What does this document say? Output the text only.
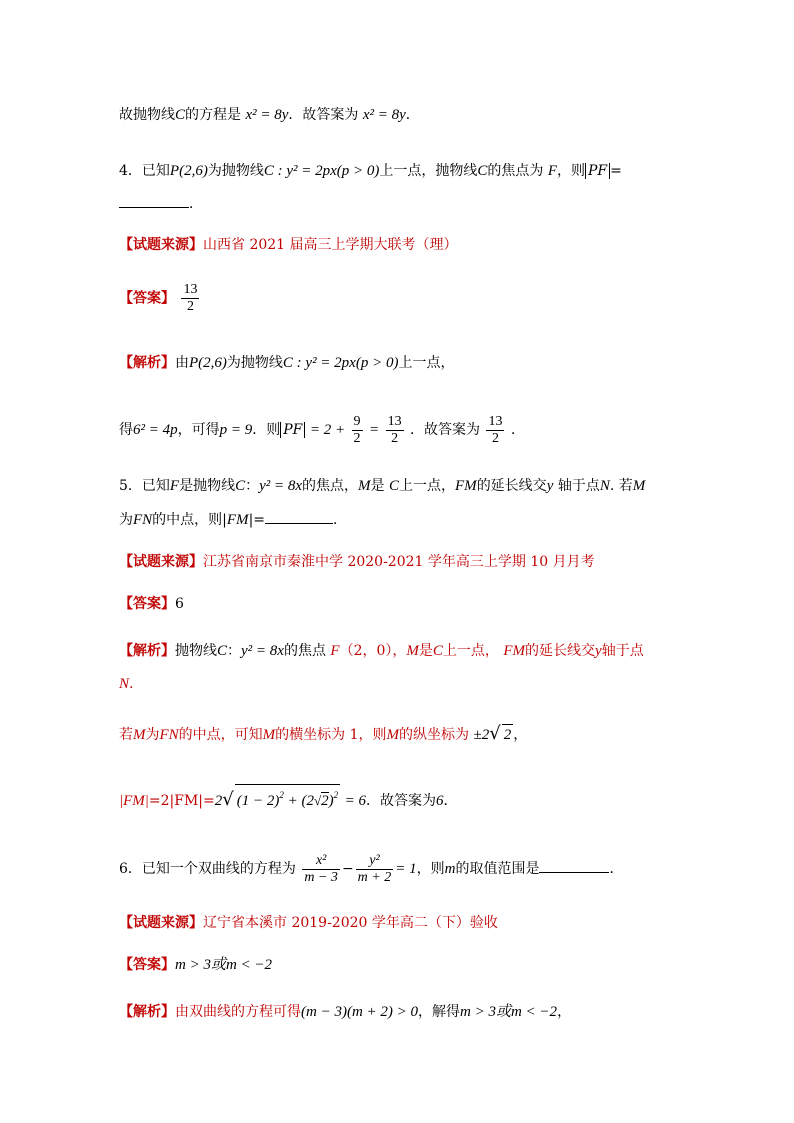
故抛物线C的方程是 x² = 8y．故答案为 x² = 8y．
4．已知P(2,6)为抛物线C : y² = 2px(p > 0)上一点，抛物线C的焦点为 F，则 PF =
．
【试题来源】山西省 2021 届高三上学期大联考（理）
【答案】 $\frac{13}{2}$
【解析】由P(2,6)为抛物线C : y² = 2px(p > 0)上一点，
得6² = 4p，可得p = 9．则 PF = $2 + \frac{9}{2} = \frac{13}{2}$ ．故答案为 $\frac{13}{2}$ ．
5．已知F是抛物线C：y² = 8x的焦点，M是 C上一点，FM的延长线交y 轴于点N. 若M
为FN的中点，则|FM|=	.
【试题来源】江苏省南京市秦淮中学 2020-2021 学年高三上学期 10 月月考
【答案】6
【解析】抛物线C：y² = 8x的焦点 F（2，0），M是C上一点， FM的延长线交y轴于点
N.
若M为FN的中点，可知M的横坐标为 1，则M的纵坐标为 ±2√ 2 ，
|FM|=2|FM|=2√ $(1 - 2)^2 + (2√2)^2 = 6$．故答案为6．
6．已知一个双曲线的方程为 $\frac{\text{x²}}{m - 3} - \frac{\text{y²}}{m + 2} = 1$，则m的取值范围是	．
【试题来源】辽宁省本溪市 2019-2020 学年高二（下）验收
【答案】m > 3或m < −2
【解析】由双曲线的方程可得(m − 3)(m + 2) > 0，解得m > 3或m < −2，
